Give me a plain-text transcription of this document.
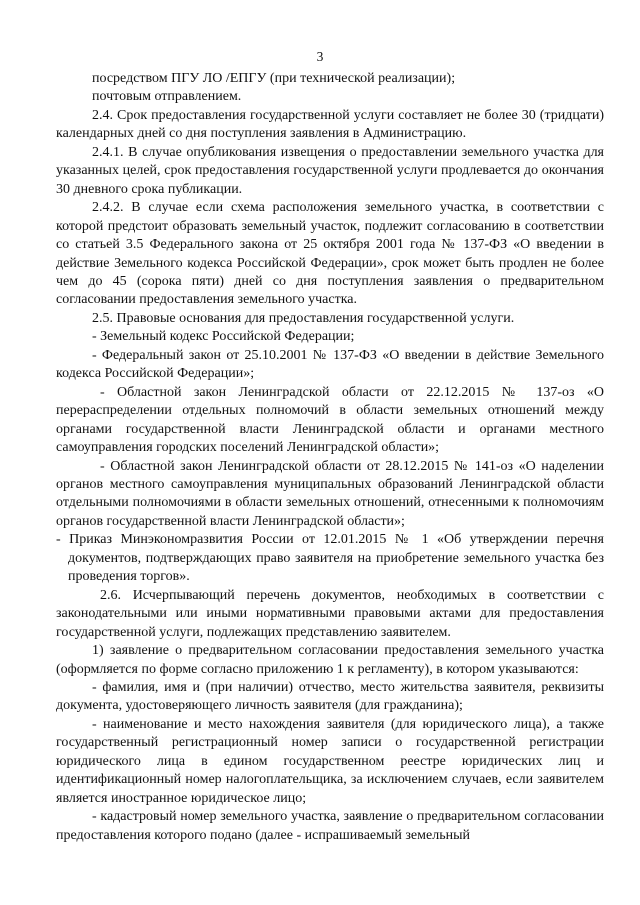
3

посредством ПГУ ЛО /ЕПГУ (при технической реализации);

почтовым отправлением.

2.4. Срок предоставления государственной услуги составляет не более 30 (тридцати) календарных дней со дня поступления заявления в Администрацию.

2.4.1. В случае опубликования извещения о предоставлении земельного участка для указанных целей, срок предоставления государственной услуги продлевается до окончания 30 дневного срока публикации.

2.4.2. В случае если схема расположения земельного участка, в соответствии с которой предстоит образовать земельный участок, подлежит согласованию в соответствии со статьей 3.5 Федерального закона от 25 октября 2001 года № 137-ФЗ «О введении в действие Земельного кодекса Российской Федерации», срок может быть продлен не более чем до 45 (сорока пяти) дней со дня поступления заявления о предварительном согласовании предоставления земельного участка.

2.5. Правовые основания для предоставления государственной услуги.

- Земельный кодекс Российской Федерации;

- Федеральный закон от 25.10.2001 № 137-ФЗ «О введении в действие Земельного кодекса Российской Федерации»;

- Областной закон Ленинградской области от 22.12.2015 № 137-оз «О перераспределении отдельных полномочий в области земельных отношений между органами государственной власти Ленинградской области и органами местного самоуправления городских поселений Ленинградской области»;

- Областной закон Ленинградской области от 28.12.2015 № 141-оз «О наделении органов местного самоуправления муниципальных образований Ленинградской области отдельными полномочиями в области земельных отношений, отнесенными к полномочиям органов государственной власти Ленинградской области»;

- Приказ Минэкономразвития России от 12.01.2015 № 1 «Об утверждении перечня документов, подтверждающих право заявителя на приобретение земельного участка без проведения торгов».

2.6. Исчерпывающий перечень документов, необходимых в соответствии с законодательными или иными нормативными правовыми актами для предоставления государственной услуги, подлежащих представлению заявителем.

1) заявление о предварительном согласовании предоставления земельного участка (оформляется по форме согласно приложению 1 к регламенту), в котором указываются:

- фамилия, имя и (при наличии) отчество, место жительства заявителя, реквизиты документа, удостоверяющего личность заявителя (для гражданина);

- наименование и место нахождения заявителя (для юридического лица), а также государственный регистрационный номер записи о государственной регистрации юридического лица в едином государственном реестре юридических лиц и идентификационный номер налогоплательщика, за исключением случаев, если заявителем является иностранное юридическое лицо;

- кадастровый номер земельного участка, заявление о предварительном согласовании предоставления которого подано (далее - испрашиваемый земельный
